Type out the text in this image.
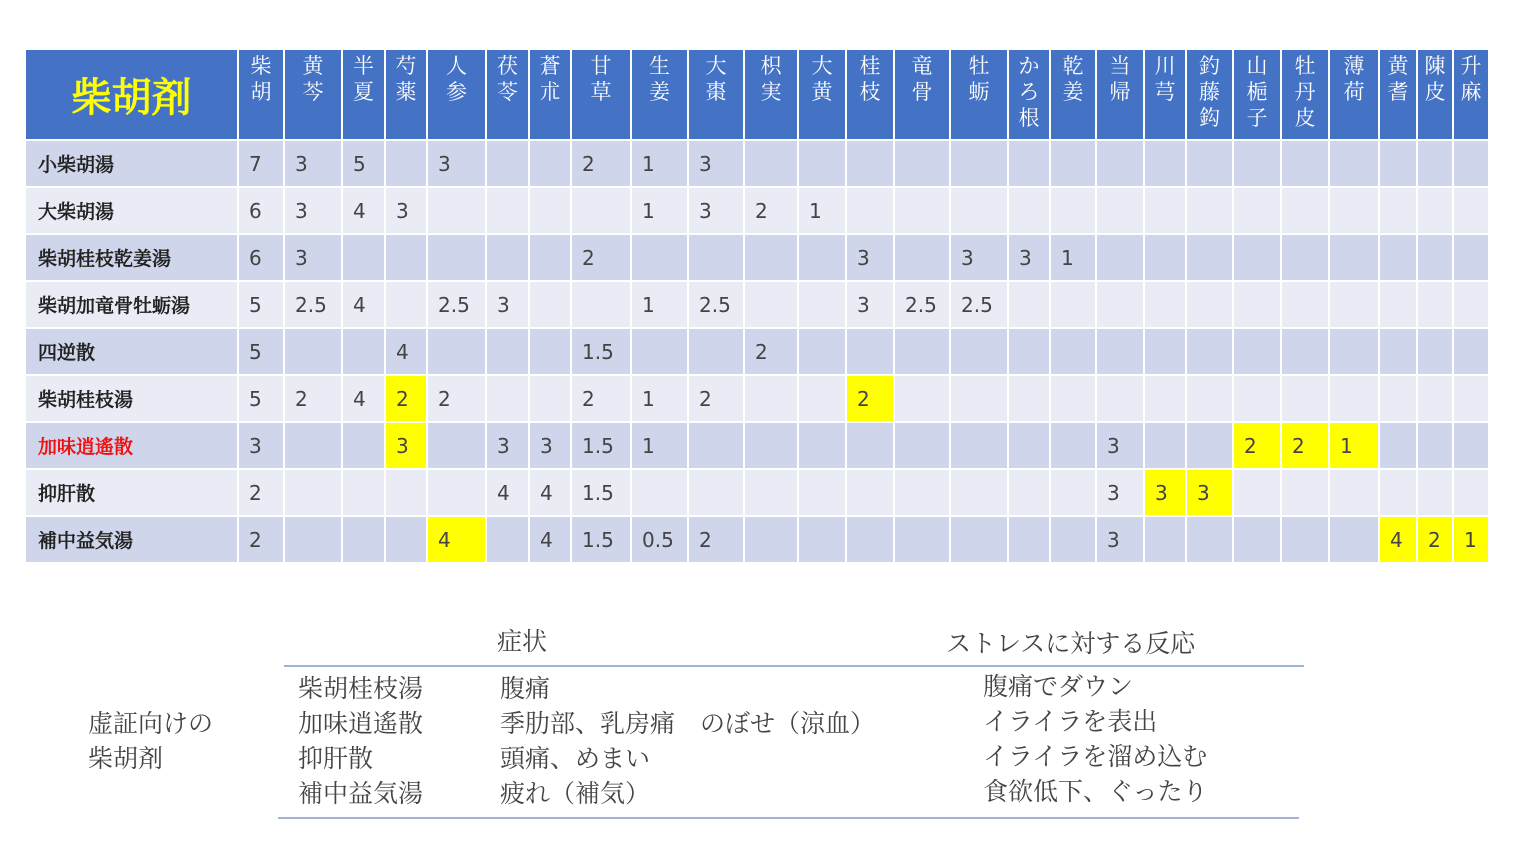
柴胡剤	柴胡	黄芩	半夏	芍薬	人参	茯苓	蒼朮	甘草	生姜	大棗	枳実	大黄	桂枝	竜骨	牡蛎	かろ根	乾姜	当帰	川芎	釣藤鈎	山梔子	牡丹皮	薄荷	黄耆	陳皮	升麻

小柴胡湯	7	3	5		3			2	1	3																
大柴胡湯	6	3	4	3					1	3	2	1														
柴胡桂枝乾姜湯	6	3						2					3		3	3	1									
柴胡加竜骨牡蛎湯	5	2.5	4		2.5	3			1	2.5			3	2.5	2.5											
四逆散	5			4				1.5			2															
柴胡桂枝湯	5	2	4	2	2			2	1	2			2													
加味逍遙散	3			3		3	3	1.5	1									3			2	2	1			
抑肝散	2					4	4	1.5										3	3	3						
補中益気湯	2				4		4	1.5	0.5	2								3						4	2	1
症状	ストレスに対する反応
虚証向けの
柴胡剤
柴胡桂枝湯	腹痛	腹痛でダウン
加味逍遙散	季肋部、乳房痛　のぼせ（涼血）	イライラを表出
抑肝散	頭痛、めまい	イライラを溜め込む
補中益気湯	疲れ（補気）	食欲低下、ぐったり
